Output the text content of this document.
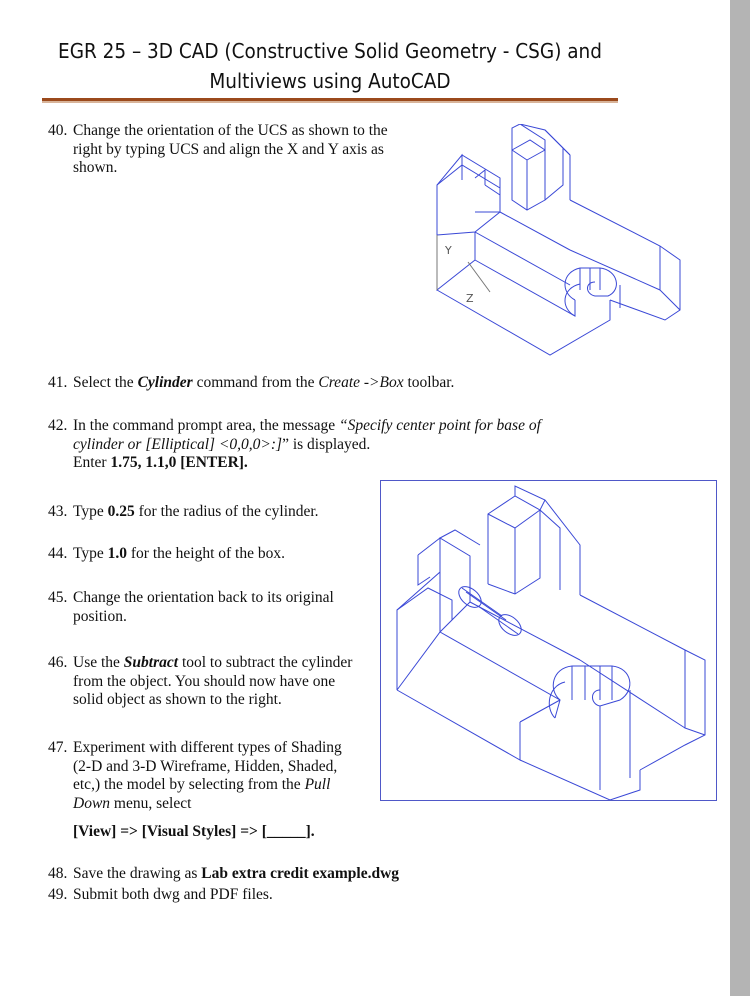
EGR 25 – 3D CAD (Constructive Solid Geometry - CSG) and
Multiviews using AutoCAD
40. Change the orientation of the UCS as shown to the
right by typing UCS and align the X and Y axis as
shown.
Y
Z
41. Select the Cylinder command from the Create ->Box toolbar.
42. In the command prompt area, the message “Specify center point for base of
cylinder or [Elliptical] <0,0,0>:]” is displayed.
Enter 1.75, 1.1,0 [ENTER].
43. Type 0.25 for the radius of the cylinder.
44. Type 1.0 for the height of the box.
45. Change the orientation back to its original
position.
46. Use the Subtract tool to subtract the cylinder
from the object. You should now have one
solid object as shown to the right.
47. Experiment with different types of Shading
(2-D and 3-D Wireframe, Hidden, Shaded,
etc,) the model by selecting from the Pull
Down menu, select
[View] => [Visual Styles] => [_____].
48. Save the drawing as Lab extra credit example.dwg
49. Submit both dwg and PDF files.
